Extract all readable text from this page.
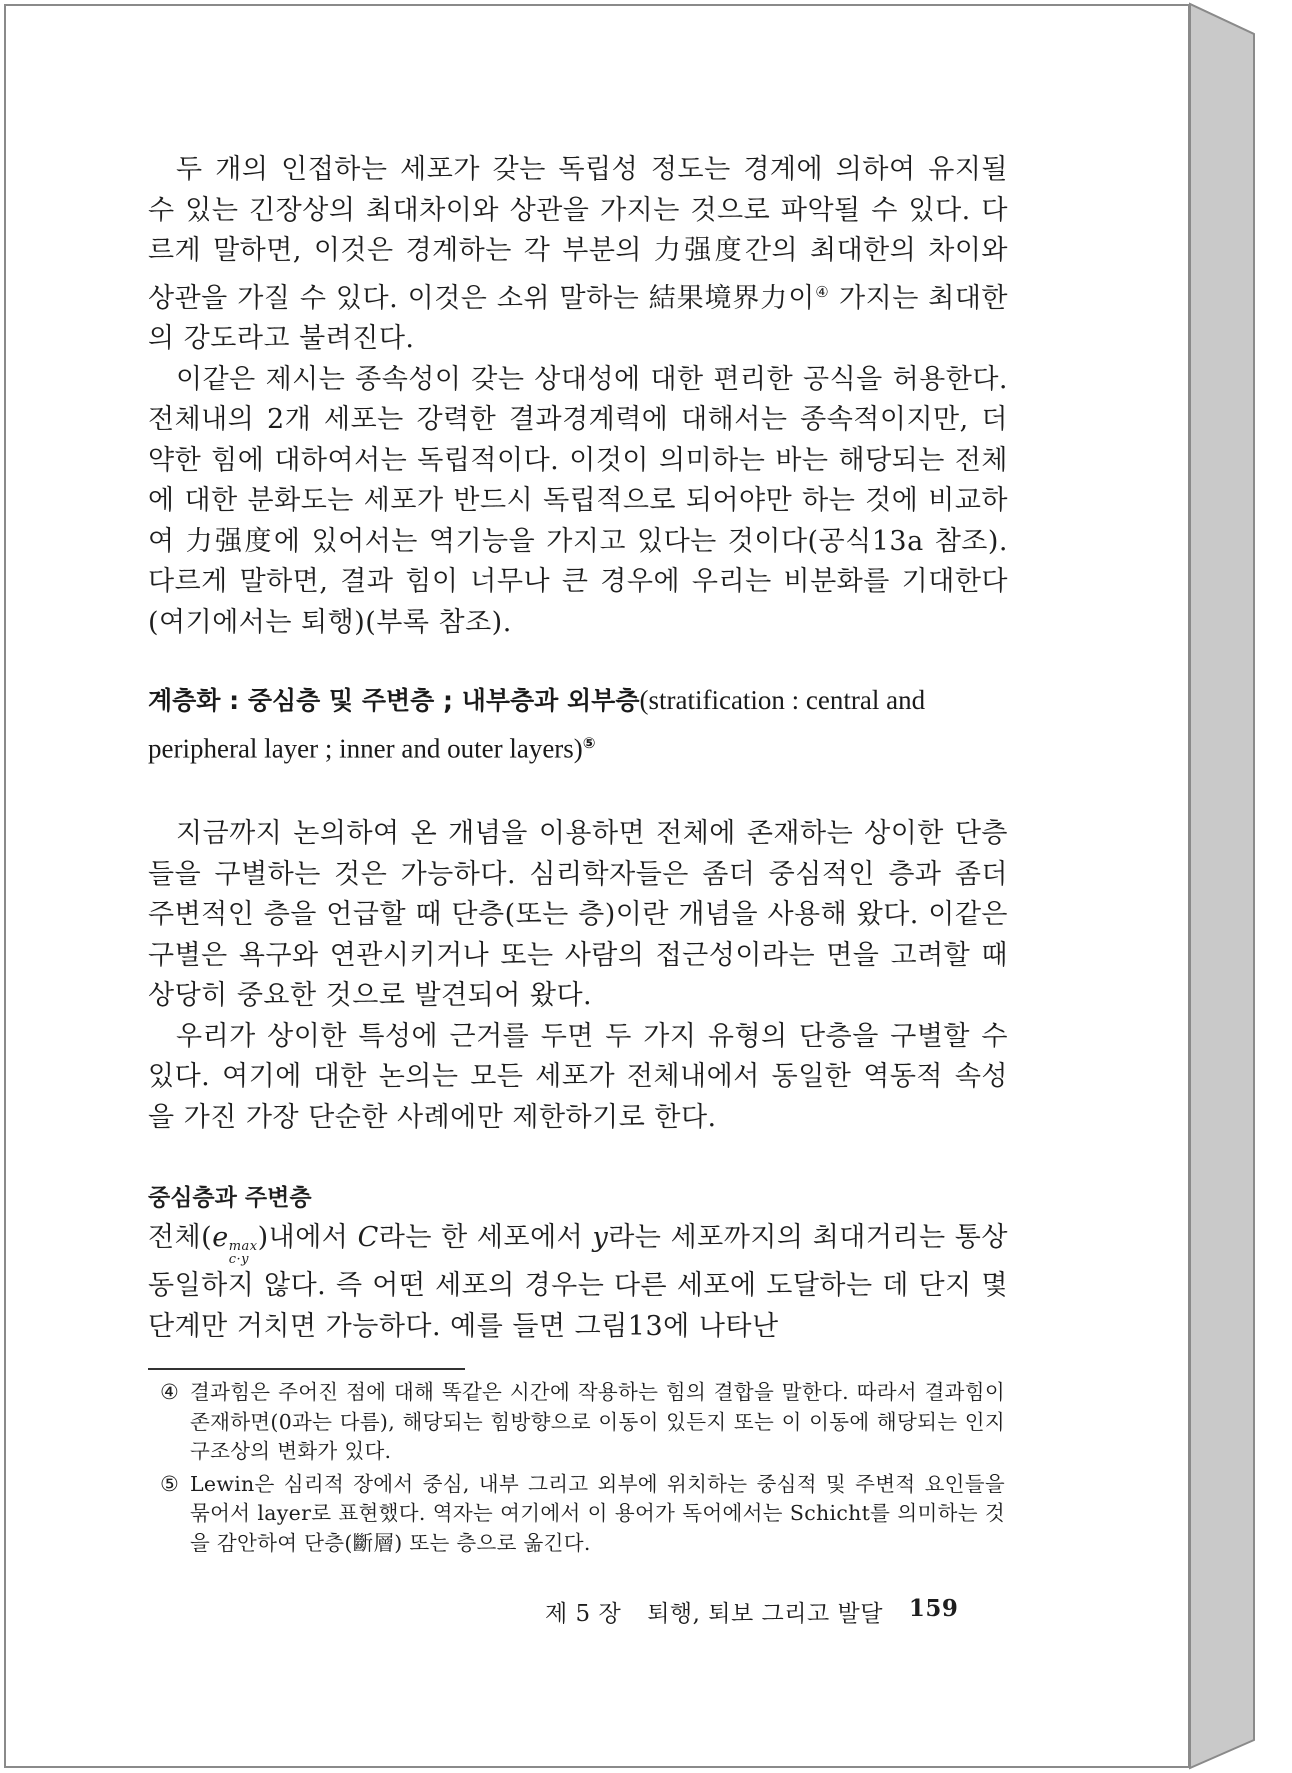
두 개의 인접하는 세포가 갖는 독립성 정도는 경계에 의하여 유지될 수 있는 긴장상의 최대차이와 상관을 가지는 것으로 파악될 수 있다. 다르게 말하면, 이것은 경계하는 각 부분의 力强度간의 최대한의 차이와 상관을 가질 수 있다. 이것은 소위 말하는 結果境界力이④ 가지는 최대한의 강도라고 불려진다.

이같은 제시는 종속성이 갖는 상대성에 대한 편리한 공식을 허용한다. 전체내의 2개 세포는 강력한 결과경계력에 대해서는 종속적이지만, 더 약한 힘에 대하여서는 독립적이다. 이것이 의미하는 바는 해당되는 전체에 대한 분화도는 세포가 반드시 독립적으로 되어야만 하는 것에 비교하여 力强度에 있어서는 역기능을 가지고 있다는 것이다(공식13a 참조). 다르게 말하면, 결과 힘이 너무나 큰 경우에 우리는 비분화를 기대한다(여기에서는 퇴행)(부록 참조).

계층화 : 중심층 및 주변층 ; 내부층과 외부층(stratification : central and peripheral layer ; inner and outer layers)⑤

지금까지 논의하여 온 개념을 이용하면 전체에 존재하는 상이한 단층들을 구별하는 것은 가능하다. 심리학자들은 좀더 중심적인 층과 좀더 주변적인 층을 언급할 때 단층(또는 층)이란 개념을 사용해 왔다. 이같은 구별은 욕구와 연관시키거나 또는 사람의 접근성이라는 면을 고려할 때 상당히 중요한 것으로 발견되어 왔다.

우리가 상이한 특성에 근거를 두면 두 가지 유형의 단층을 구별할 수 있다. 여기에 대한 논의는 모든 세포가 전체내에서 동일한 역동적 속성을 가진 가장 단순한 사례에만 제한하기로 한다.

중심층과 주변층

전체(e max
c·y
)내에서 C라는 한 세포에서 y라는 세포까지의 최대거리는 통상 동일하지 않다. 즉 어떤 세포의 경우는 다른 세포에 도달하는 데 단지 몇 단계만 거치면 가능하다. 예를 들면 그림13에 나타난

④ 결과힘은 주어진 점에 대해 똑같은 시간에 작용하는 힘의 결합을 말한다. 따라서 결과힘이 존재하면(0과는 다름), 해당되는 힘방향으로 이동이 있든지 또는 이 이동에 해당되는 인지구조상의 변화가 있다.
⑤ Lewin은 심리적 장에서 중심, 내부 그리고 외부에 위치하는 중심적 및 주변적 요인들을 묶어서 layer로 표현했다. 역자는 여기에서 이 용어가 독어에서는 Schicht를 의미하는 것을 감안하여 단층(斷層) 또는 층으로 옮긴다.
제 5 장 퇴행, 퇴보 그리고 발달 159
